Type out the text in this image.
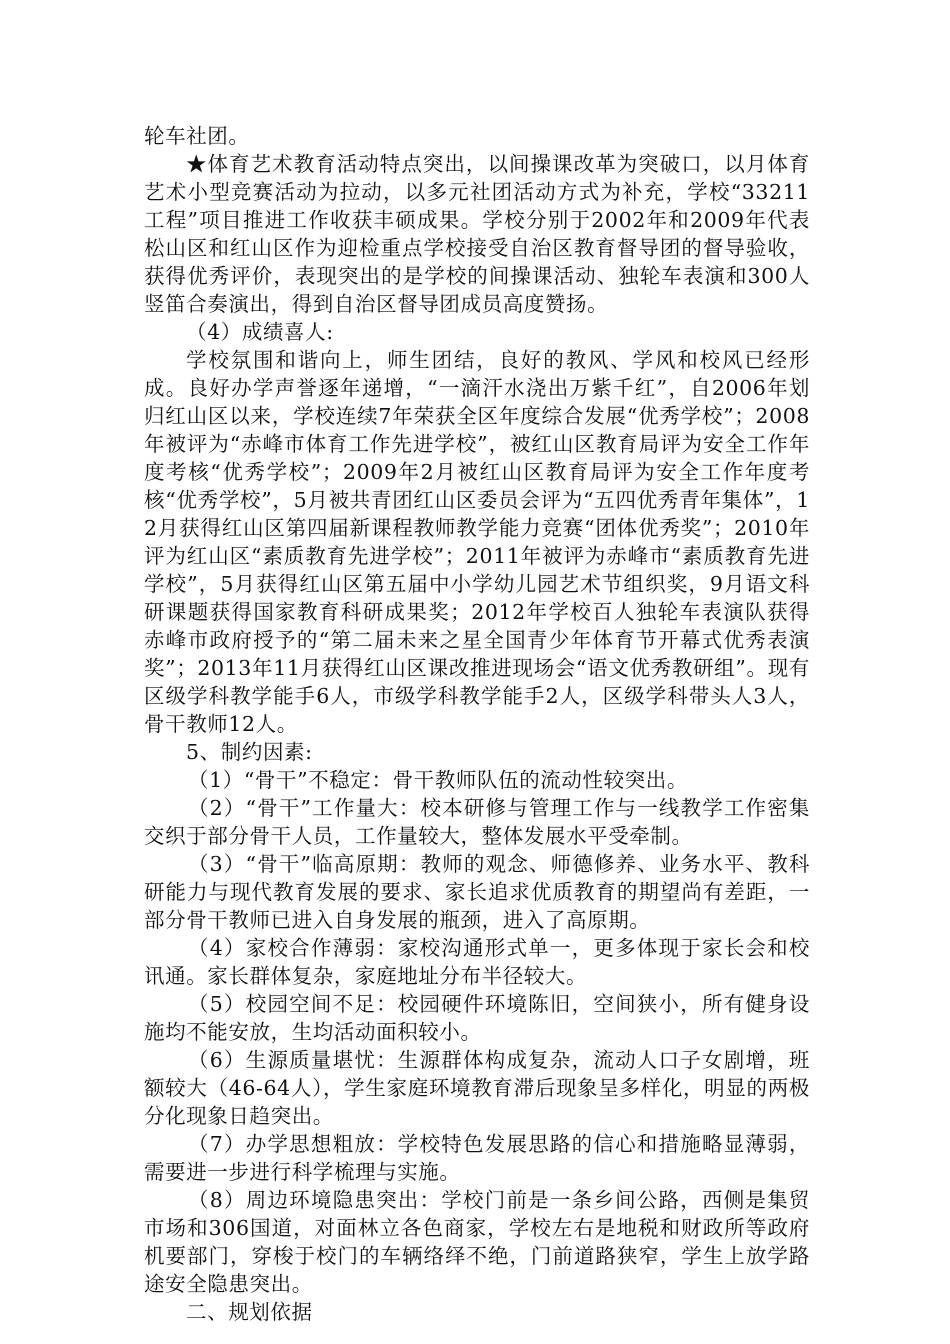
轮车社团。

★体育艺术教育活动特点突出，以间操课改革为突破口，以月体育艺术小型竞赛活动为拉动，以多元社团活动方式为补充，学校“33211工程”项目推进工作收获丰硕成果。学校分别于2002年和2009年代表松山区和红山区作为迎检重点学校接受自治区教育督导团的督导验收，获得优秀评价，表现突出的是学校的间操课活动、独轮车表演和300人竖笛合奏演出，得到自治区督导团成员高度赞扬。

（4）成绩喜人:

学校氛围和谐向上，师生团结，良好的教风、学风和校风已经形成。良好办学声誉逐年递增，“一滴汗水浇出万紫千红”，自2006年划归红山区以来，学校连续7年荣获全区年度综合发展“优秀学校”；2008年被评为“赤峰市体育工作先进学校”，被红山区教育局评为安全工作年度考核“优秀学校”；2009年2月被红山区教育局评为安全工作年度考核“优秀学校”，5月被共青团红山区委员会评为“五四优秀青年集体”，12月获得红山区第四届新课程教师教学能力竞赛“团体优秀奖”；2010年评为红山区“素质教育先进学校”；2011年被评为赤峰市“素质教育先进学校”，5月获得红山区第五届中小学幼儿园艺术节组织奖，9月语文科研课题获得国家教育科研成果奖；2012年学校百人独轮车表演队获得赤峰市政府授予的“第二届未来之星全国青少年体育节开幕式优秀表演奖”；2013年11月获得红山区课改推进现场会“语文优秀教研组”。现有区级学科教学能手6人，市级学科教学能手2人，区级学科带头人3人，骨干教师12人。

5、制约因素:

（1）“骨干”不稳定：骨干教师队伍的流动性较突出。

（2）“骨干”工作量大：校本研修与管理工作与一线教学工作密集交织于部分骨干人员，工作量较大，整体发展水平受牵制。

（3）“骨干”临高原期：教师的观念、师德修养、业务水平、教科研能力与现代教育发展的要求、家长追求优质教育的期望尚有差距，一部分骨干教师已进入自身发展的瓶颈，进入了高原期。

（4）家校合作薄弱：家校沟通形式单一，更多体现于家长会和校讯通。家长群体复杂，家庭地址分布半径较大。

（5）校园空间不足：校园硬件环境陈旧，空间狭小，所有健身设施均不能安放，生均活动面积较小。

（6）生源质量堪忧：生源群体构成复杂，流动人口子女剧增，班额较大（46-64人），学生家庭环境教育滞后现象呈多样化，明显的两极分化现象日趋突出。

（7）办学思想粗放：学校特色发展思路的信心和措施略显薄弱，需要进一步进行科学梳理与实施。

（8）周边环境隐患突出：学校门前是一条乡间公路，西侧是集贸市场和306国道，对面林立各色商家，学校左右是地税和财政所等政府机要部门，穿梭于校门的车辆络绎不绝，门前道路狭窄，学生上放学路途安全隐患突出。

二、规划依据
